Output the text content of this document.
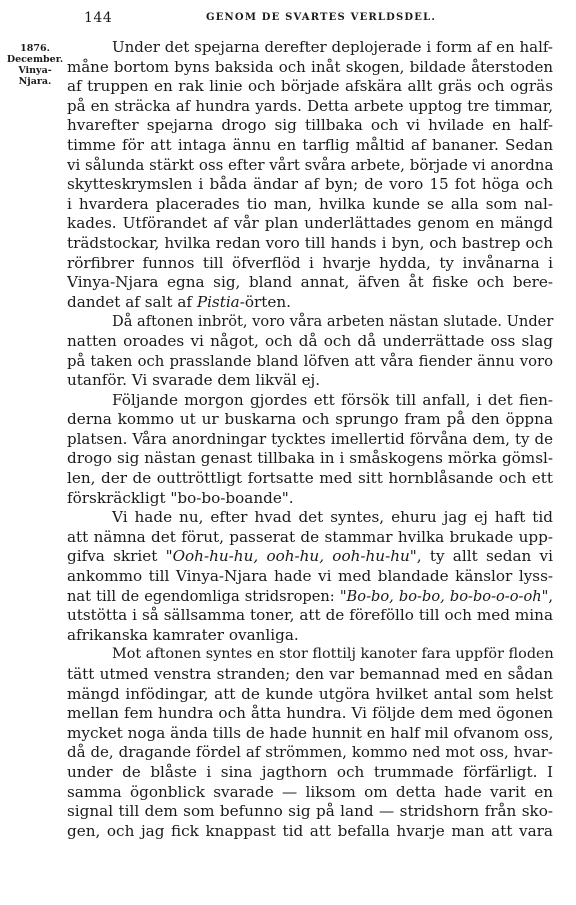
144	GENOM DE SVARTES VERLDSDEL.
1876.
December.
Vinya-
Njara.
Under det spejarna derefter deplojerade i form af en half-
måne bortom byns baksida och inåt skogen, bildade återstoden
af truppen en rak linie och började afskära allt gräs och ogräs
på en sträcka af hundra yards. Detta arbete upptog tre timmar,
hvarefter spejarna drogo sig tillbaka och vi hvilade en half-
timme för att intaga ännu en tarflig måltid af bananer. Sedan
vi sålunda stärkt oss efter vårt svåra arbete, började vi anordna
skytteskrymslen i båda ändar af byn; de voro 15 fot höga och
i hvardera placerades tio man, hvilka kunde se alla som nal-
kades. Utförandet af vår plan underlättades genom en mängd
trädstockar, hvilka redan voro till hands i byn, och bastrep och
rörfibrer funnos till öfverflöd i hvarje hydda, ty invånarna i
Vinya-Njara egna sig, bland annat, äfven åt fiske och bere-
dandet af salt af Pistia-örten.
Då aftonen inbröt, voro våra arbeten nästan slutade. Under
natten oroades vi något, och då och då underrättade oss slag
på taken och prasslande bland löfven att våra fiender ännu voro
utanför. Vi svarade dem likväl ej.
Följande morgon gjordes ett försök till anfall, i det fien-
derna kommo ut ur buskarna och sprungo fram på den öppna
platsen. Våra anordningar tycktes imellertid förvåna dem, ty de
drogo sig nästan genast tillbaka in i småskogens mörka gömsl-
len, der de outtröttligt fortsatte med sitt hornblåsande och ett
förskräckligt "bo-bo-boande".
Vi hade nu, efter hvad det syntes, ehuru jag ej haft tid
att nämna det förut, passerat de stammar hvilka brukade upp-
gifva skriet "Ooh-hu-hu, ooh-hu, ooh-hu-hu", ty allt sedan vi
ankommo till Vinya-Njara hade vi med blandade känslor lyss-
nat till de egendomliga stridsropen: "Bo-bo, bo-bo, bo-bo-o-o-oh",
utstötta i så sällsamma toner, att de föreföllo till och med mina
afrikanska kamrater ovanliga.
Mot aftonen syntes en stor flottilj kanoter fara uppför floden
tätt utmed venstra stranden; den var bemannad med en sådan
mängd infödingar, att de kunde utgöra hvilket antal som helst
mellan fem hundra och åtta hundra. Vi följde dem med ögonen
mycket noga ända tills de hade hunnit en half mil ofvanom oss,
då de, dragande fördel af strömmen, kommo ned mot oss, hvar-
under de blåste i sina jagthorn och trummade förfärligt. I
samma ögonblick svarade — liksom om detta hade varit en
signal till dem som befunno sig på land — stridshorn från sko-
gen, och jag fick knappast tid att befalla hvarje man att vara
